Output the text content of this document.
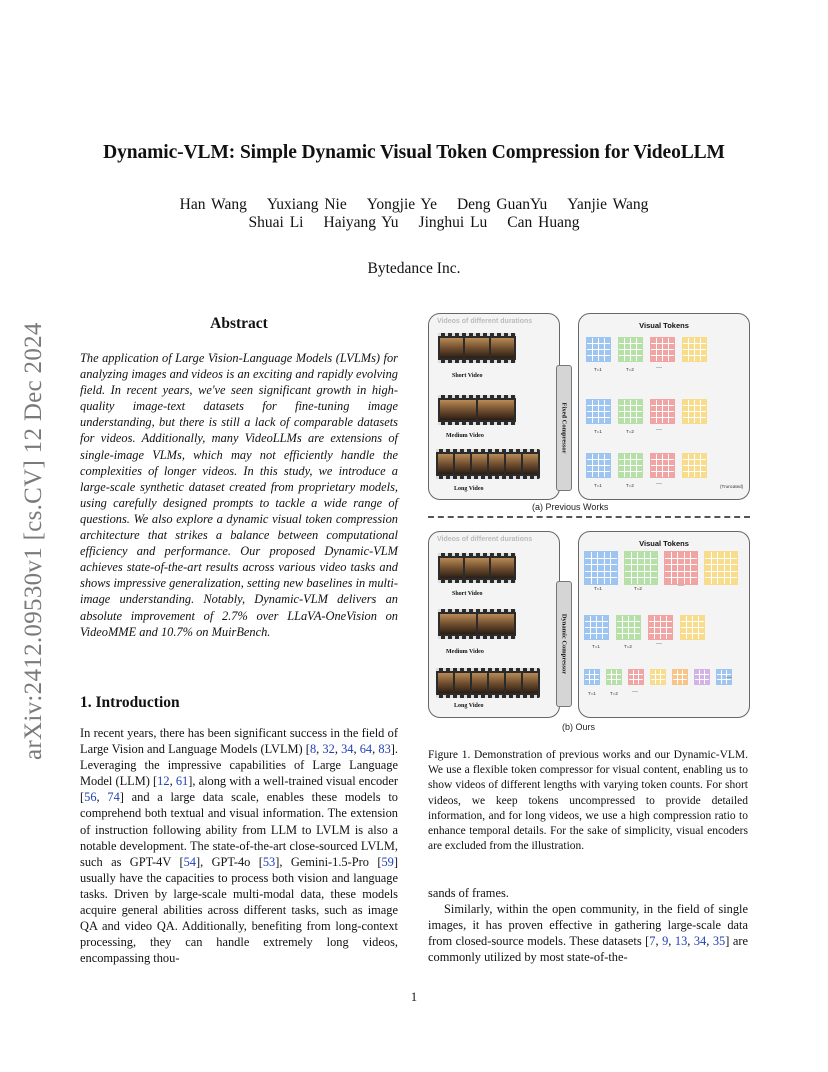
Dynamic-VLM: Simple Dynamic Visual Token Compression for VideoLLM
Han Wang Yuxiang Nie Yongjie Ye Deng GuanYu Yanjie Wang
Shuai Li Haiyang Yu Jinghui Lu Can Huang
Bytedance Inc.
arXiv:2412.09530v1 [cs.CV] 12 Dec 2024	Abstract
The application of Large Vision-Language Models (LVLMs) for analyzing images and videos is an exciting and rapidly evolving field. In recent years, we've seen significant growth in high-quality image-text datasets for fine-tuning image understanding, but there is still a lack of comparable datasets for videos. Additionally, many VideoLLMs are extensions of single-image VLMs, which may not efficiently handle the complexities of longer videos. In this study, we introduce a large-scale synthetic dataset created from proprietary models, using carefully designed prompts to tackle a wide range of questions. We also explore a dynamic visual token compression architecture that strikes a balance between computational efficiency and performance. Our proposed Dynamic-VLM achieves state-of-the-art results across various video tasks and shows impressive generalization, setting new baselines in multi-image understanding. Notably, Dynamic-VLM delivers an absolute improvement of 2.7% over LLaVA-OneVision on VideoMME and 10.7% on MuirBench.
1. Introduction
In recent years, there has been significant success in the field of Large Vision and Language Models (LVLM) [8, 32, 34, 64, 83]. Leveraging the impressive capabilities of Large Language Model (LLM) [12, 61], along with a well-trained visual encoder [56, 74] and a large data scale, enables these models to comprehend both textual and visual information. The extension of instruction following ability from LLM to LVLM is also a notable development. The state-of-the-art close-sourced LVLM, such as GPT-4V [54], GPT-4o [53], Gemini-1.5-Pro [59] usually have the capacities to process both vision and language tasks. Driven by large-scale multi-modal data, these models acquire general abilities across different tasks, such as image QA and video QA. Additionally, benefiting from long-context processing, they can handle extremely long videos, encompassing thou-
Videos of different durations
Fixed Compressor
Visual Tokens
(a) Previous Works
Videos of different durations
Dynamic Compressor
Visual Tokens
(b) Ours
Short Video
Medium Video
Long Video
T=1	T=2	...
T=1	T=2	...
T=1	T=2	...
(Truncated)
Short Video
Medium Video
Long Video
T=1	T=2
...
T=1	T=2
...
T=1	T=2 ...
...
Figure 1. Demonstration of previous works and our Dynamic-VLM. We use a flexible token compressor for visual content, enabling us to show videos of different lengths with varying token counts. For short videos, we keep tokens uncompressed to provide detailed information, and for long videos, we use a high compression ratio to enhance temporal details. For the sake of simplicity, visual encoders are excluded from the illustration.

sands of frames.

Similarly, within the open community, in the field of single images, it has proven effective in gathering large-scale data from closed-source models. These datasets [7, 9, 13, 34, 35] are commonly utilized by most state-of-the-

1
